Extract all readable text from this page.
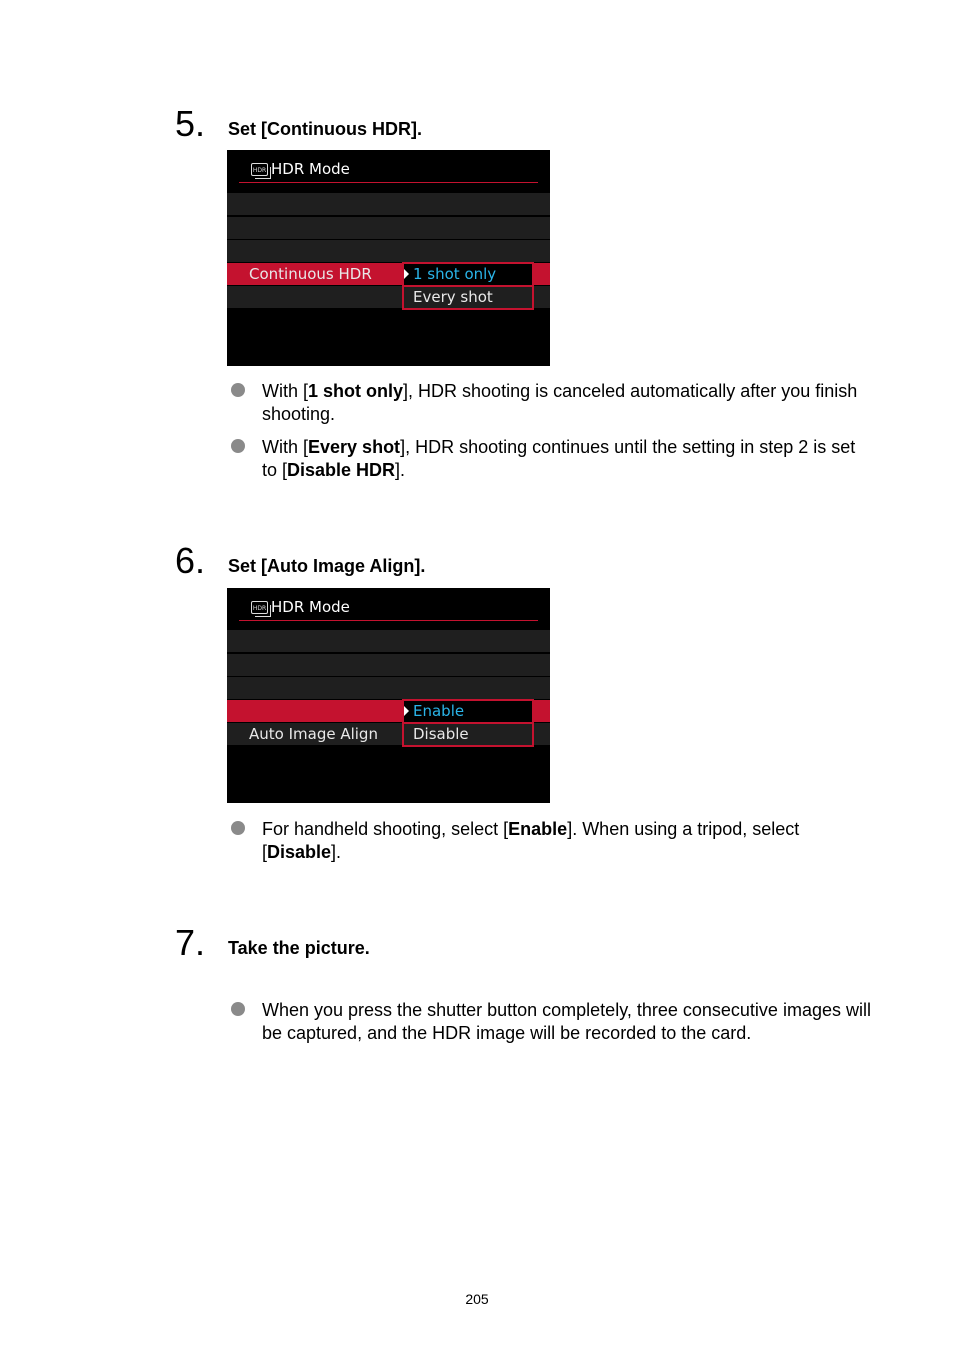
5. Set [Continuous HDR].
HDR HDR Mode
Continuous HDR	1 shot only
Every shot
With [1 shot only], HDR shooting is canceled automatically after you finish shooting.
With [Every shot], HDR shooting continues until the setting in step 2 is set to [Disable HDR].
6. Set [Auto Image Align].
HDR HDR Mode
Auto Image Align
Enable
Disable
For handheld shooting, select [Enable]. When using a tripod, select [Disable].
7. Take the picture.
When you press the shutter button completely, three consecutive images will be captured, and the HDR image will be recorded to the card.
205
